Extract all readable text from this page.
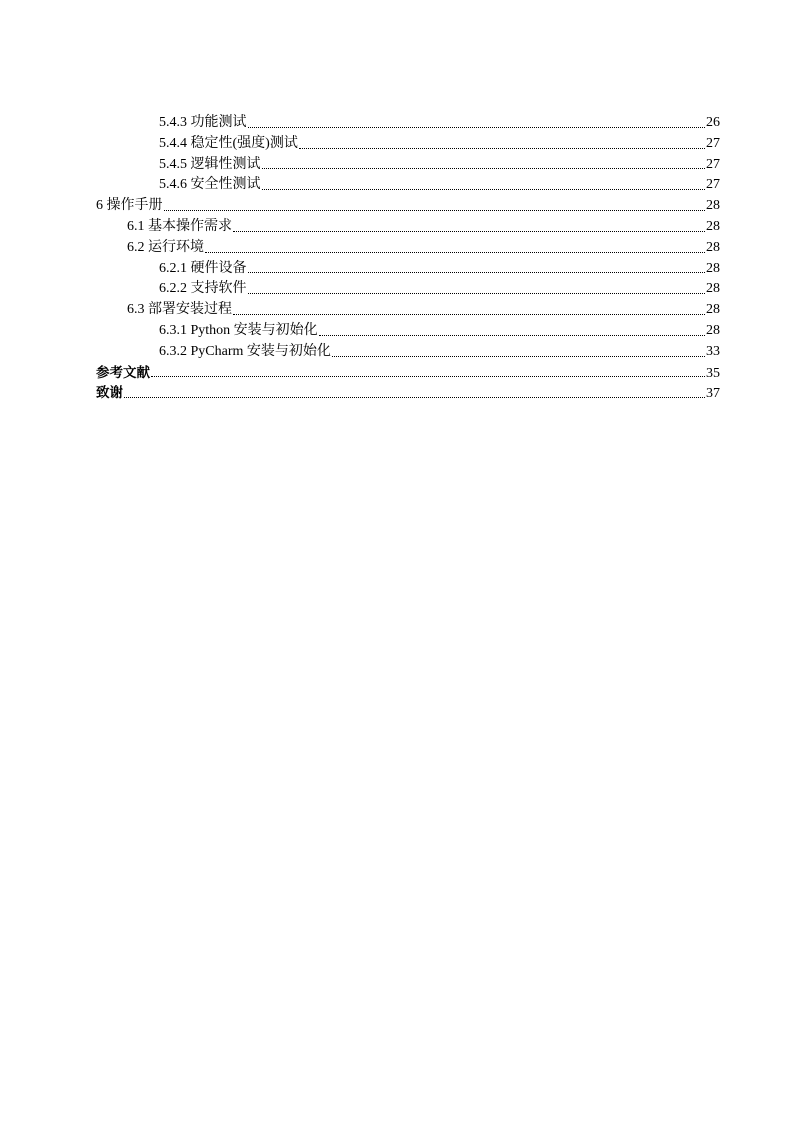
5.4.3 功能测试	26
5.4.4 稳定性(强度)测试	27
5.4.5 逻辑性测试	27
5.4.6 安全性测试	27
6 操作手册	28
6.1 基本操作需求	28
6.2 运行环境	28
6.2.1 硬件设备	28
6.2.2 支持软件	28
6.3 部署安装过程	28
6.3.1 Python 安装与初始化	28
6.3.2 PyCharm 安装与初始化	33
参考文献	35
致谢	37
